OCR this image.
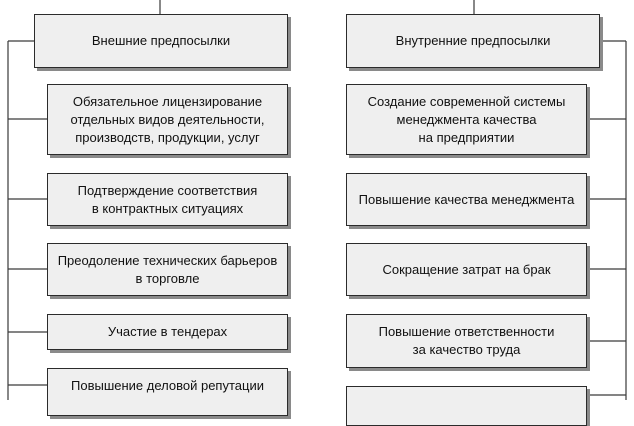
Внешние предпосылки
Обязательное лицензирование
отдельных видов деятельности,
производств, продукции, услуг
Подтверждение соответствия
в контрактных ситуациях
Преодоление технических барьеров
в торговле
Участие в тендерах
Повышение деловой репутации
Внутренние предпосылки
Создание современной системы
менеджмента качества
на предприятии
Повышение качества менеджмента
Сокращение затрат на брак
Повышение ответственности
за качество труда
